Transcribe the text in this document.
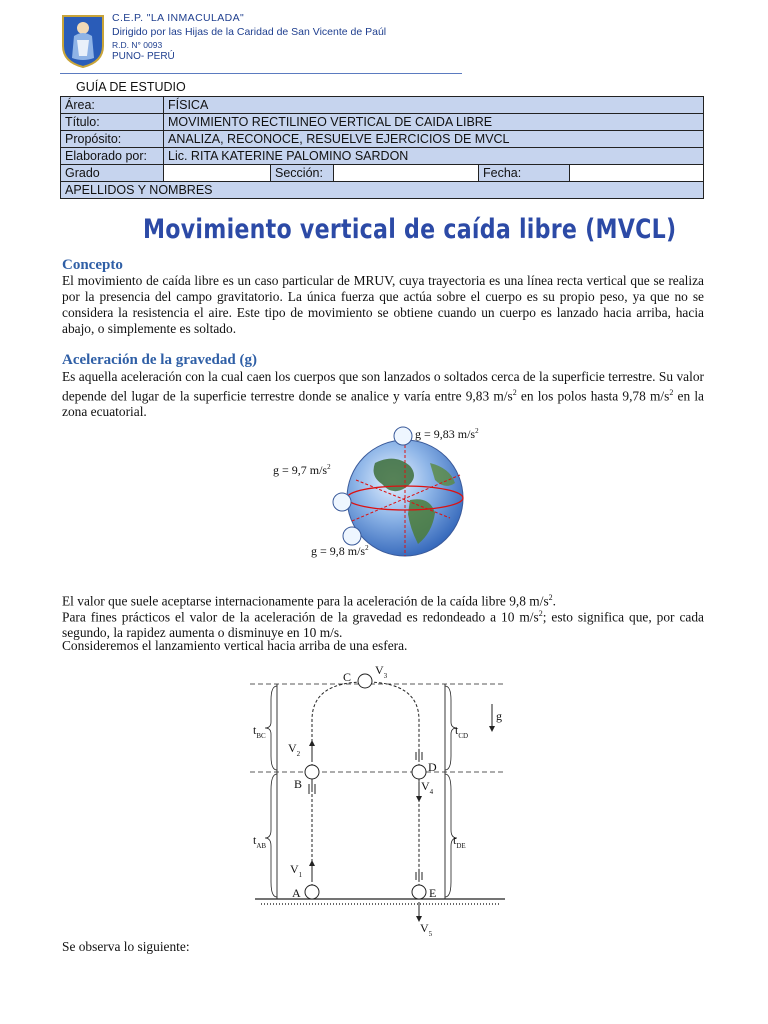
C.E.P. "LA INMACULADA"
Dirigido por las Hijas de la Caridad de San Vicente de Paúl
R.D. N° 0093
PUNO- PERÚ
GUÍA DE ESTUDIO
Área:	FÍSICA				
Título:	MOVIMIENTO RECTILINEO VERTICAL DE CAIDA LIBRE				
Propósito:	ANALIZA, RECONOCE, RESUELVE EJERCICIOS DE MVCL				
Elaborado por:	Lic. RITA KATERINE PALOMINO SARDON				
Grado		Sección:		Fecha:	
APELLIDOS Y NOMBRES					
Movimiento vertical de caída libre (MVCL)
Concepto
El movimiento de caída libre es un caso particular de MRUV, cuya trayectoria es una línea recta vertical que se realiza por la presencia del campo gravitatorio. La única fuerza que actúa sobre el cuerpo es su propio peso, ya que no se considera la resistencia el aire. Este tipo de movimiento se obtiene cuando un cuerpo es lanzado hacia arriba, hacia abajo, o simplemente es soltado.
Aceleración de la gravedad (g)
Es aquella aceleración con la cual caen los cuerpos que son lanzados o soltados cerca de la superficie terrestre. Su valor depende del lugar de la superficie terrestre donde se analice y varía entre 9,83 $m/s^2$ en los polos hasta 9,78 $m/s^2$ en la zona ecuatorial.
g = 9,83 $m/s^2$
g = 9,7 $m/s^2$
g = 9,8 $m/s^2$
El valor que suele aceptarse internacionamente para la aceleración de la caída libre 9,8 $m/s^2$.
Para fines prácticos el valor de la aceleración de la gravedad es redondeado a 10 $m/s^2$; esto significa que, por cada segundo, la rapidez aumenta o disminuye en 10 m/s.
Consideremos el lanzamiento vertical hacia arriba de una esfera.
C $V_3$
g
$t_{BC}$	$t_{CD}$
$V_2$
B
D
$V_4$
$t_{AB}$	$t_{DE}$
$V_1$
A	E
$V_5$
Se observa lo siguiente:
